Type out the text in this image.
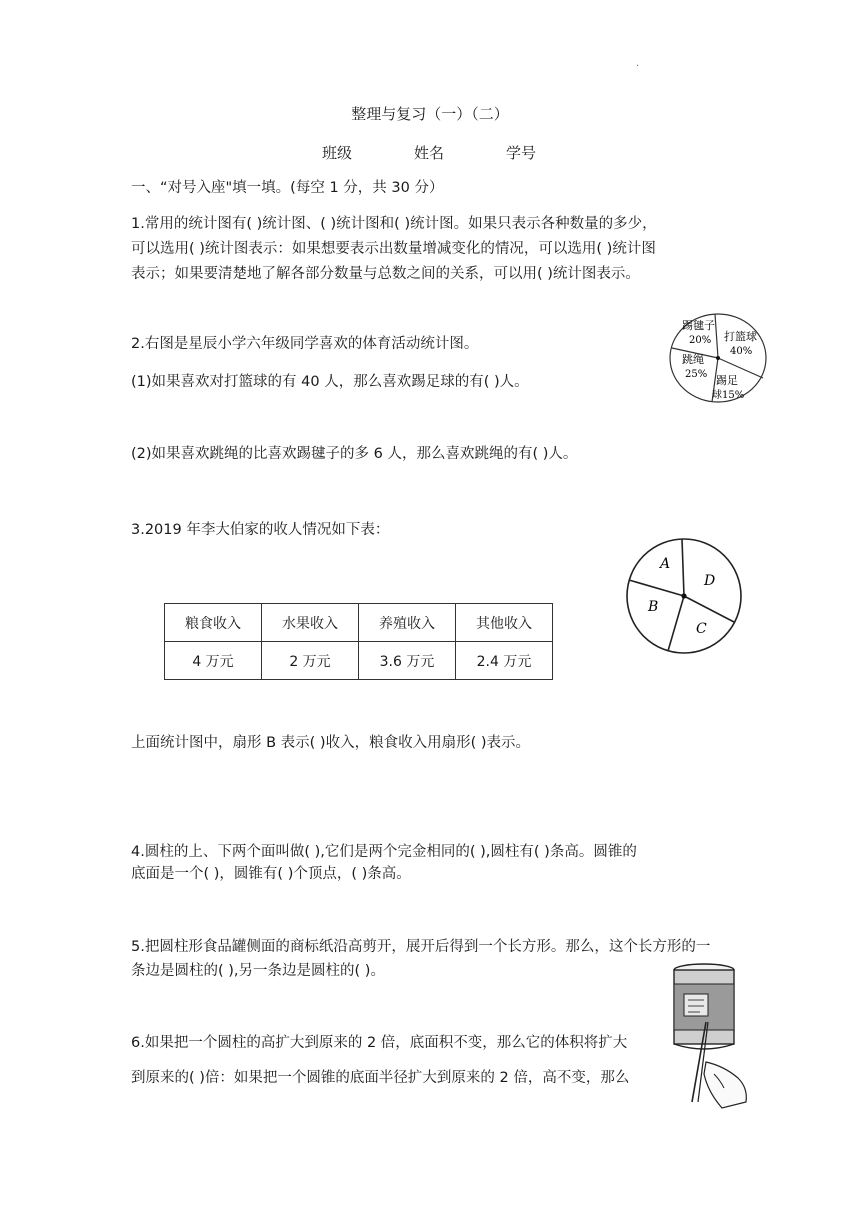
.
整理与复习（一）（二）
班级	姓名	学号
一、“对号入座"填一填。(每空 1 分，共 30 分）
1.常用的统计图有( )统计图、( )统计图和( )统计图。如果只表示各种数量的多少，
可以选用( )统计图表示：如果想要表示出数量增减变化的情况，可以选用( )统计图
表示；如果要清楚地了解各部分数量与总数之间的关系，可以用( )统计图表示。
2.右图是星辰小学六年级同学喜欢的体育活动统计图。
(1)如果喜欢对打篮球的有 40 人，那么喜欢踢足球的有( )人。
(2)如果喜欢跳绳的比喜欢踢毽子的多 6 人，那么喜欢跳绳的有( )人。
踢毽子
20% 打篮球
40%
跳绳
25% 踢足
球15%
3.2019 年李大伯家的收人情况如下表：
粮食收入	水果收入	养殖收入	其他收入
4 万元	2 万元	3.6 万元	2.4 万元
A
D
B
C
上面统计图中，扇形 B 表示( )收入，粮食收入用扇形( )表示。
4.圆柱的上、下两个面叫做( ),它们是两个完金相同的( ),圆柱有( )条高。圆锥的
底面是一个( )，圆锥有( )个顶点，( )条高。
5.把圆柱形食品罐侧面的商标纸沿高剪开，展开后得到一个长方形。那么，这个长方形的一
条边是圆柱的( ),另一条边是圆柱的( )。
6.如果把一个圆柱的高扩大到原来的 2 倍，底面积不变，那么它的体积将扩大
到原来的( )倍：如果把一个圆锥的底面半径扩大到原来的 2 倍，高不变，那么
